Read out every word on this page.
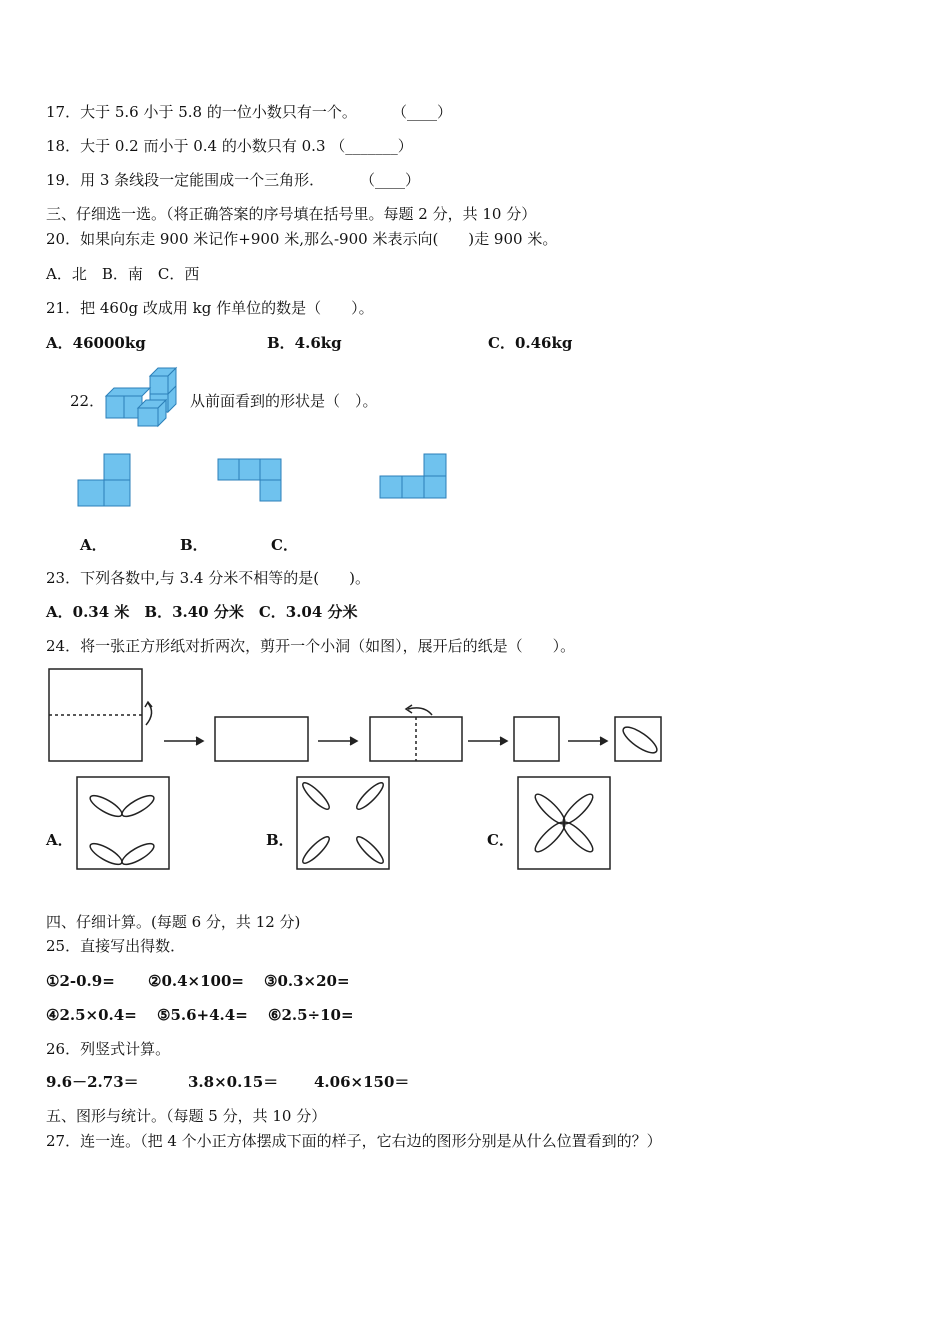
17．大于 5.6 小于 5.8 的一位小数只有一个。 （____）

18．大于 0.2 而小于 0.4 的小数只有 0.3 （_______）

19．用 3 条线段一定能围成一个三角形． （____）

三、仔细选一选。（将正确答案的序号填在括号里。每题 2 分，共 10 分）

20．如果向东走 900 米记作+900 米,那么-900 米表示向(　　)走 900 米。

A．北　B．南　C．西

21．把 460g 改成用 kg 作单位的数是（　　）。

A．46000kg	B．4.6kg	C．0.46kg

22．	从前面看到的形状是（　）。

A．	B．	C．

23．下列各数中,与 3.4 分米不相等的是(　　)。

A．0.34 米　B．3.40 分米　C．3.04 分米

24．将一张正方形纸对折两次，剪开一个小洞（如图），展开后的纸是（　　）。

A．	B．	C．

四、仔细计算。(每题 6 分，共 12 分)

25．直接写出得数．

①2-0.9= ②0.4×100= ③0.3×20=

④2.5×0.4= ⑤5.6+4.4= ⑥2.5÷10=

26．列竖式计算。

9.6－2.73＝	3.8×0.15＝ 4.06×150＝

五、图形与统计。（每题 5 分，共 10 分）

27．连一连。（把 4 个小正方体摆成下面的样子，它右边的图形分别是从什么位置看到的？）
